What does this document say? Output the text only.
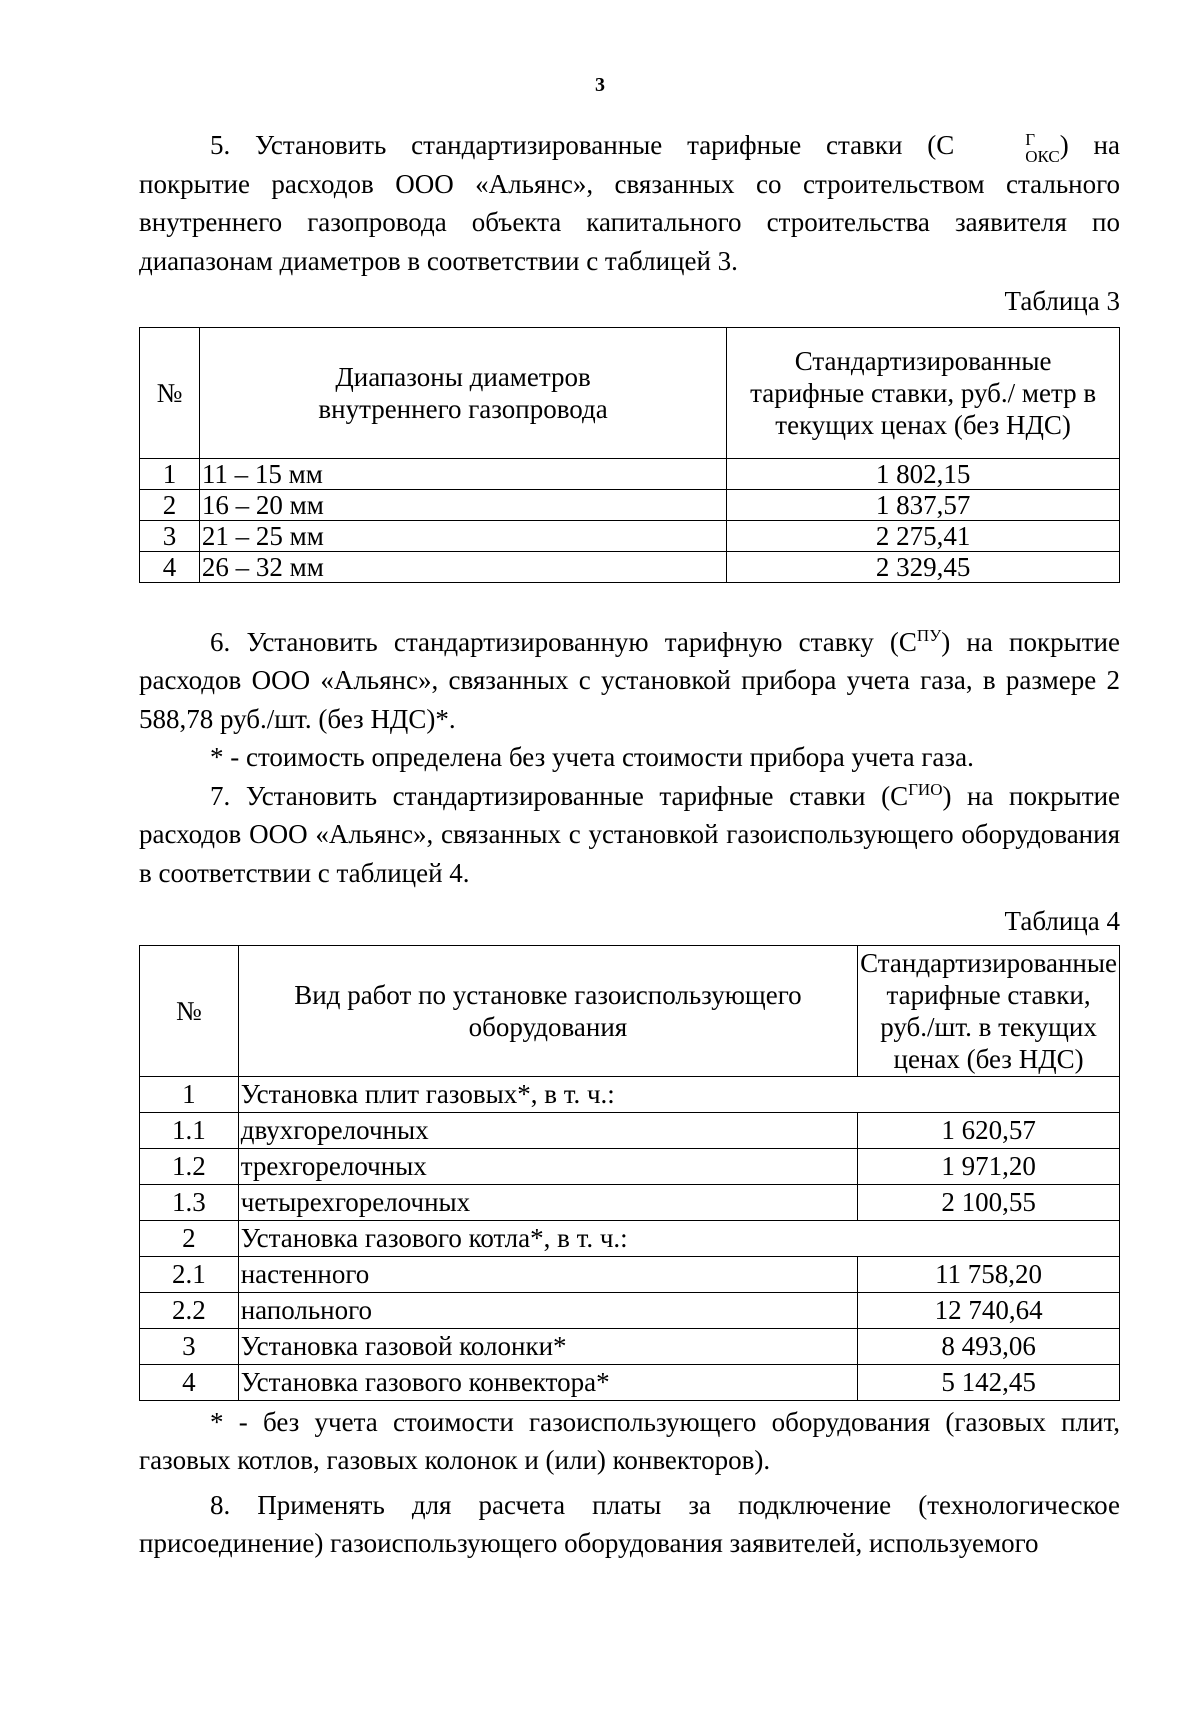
3

5. Установить стандартизированные тарифные ставки (С	Г
ОКС ) на покрытие расходов ООО «Альянс», связанных со строительством стального внутреннего газопровода объекта капитального строительства заявителя по диапазонам диаметров в соответствии с таблицей 3.

Таблица 3

№	Диапазоны диаметров внутреннего газопровода	Стандартизированные тарифные ставки, руб./ метр в текущих ценах (без НДС)
1	11 – 15 мм	1 802,15
2	16 – 20 мм	1 837,57
3	21 – 25 мм	2 275,41
4	26 – 32 мм	2 329,45

6. Установить стандартизированную тарифную ставку $(С^{ПУ})$ на покрытие расходов ООО «Альянс», связанных с установкой прибора учета газа, в размере 2 588,78 руб./шт. (без НДС)*.

* - стоимость определена без учета стоимости прибора учета газа.

7. Установить стандартизированные тарифные ставки $(С^{ГИО})$ на покрытие расходов ООО «Альянс», связанных с установкой газоиспользующего оборудования в соответствии с таблицей 4.

Таблица 4

№	Вид работ по установке газоиспользующего оборудования	Стандартизированные тарифные ставки, руб./шт. в текущих ценах (без НДС)
1	Установка плит газовых*, в т. ч.:	
1.1	двухгорелочных	1 620,57
1.2	трехгорелочных	1 971,20
1.3	четырехгорелочных	2 100,55
2	Установка газового котла*, в т. ч.:	
2.1	настенного	11 758,20
2.2	напольного	12 740,64
3	Установка газовой колонки*	8 493,06
4	Установка газового конвектора*	5 142,45

* - без учета стоимости газоиспользующего оборудования (газовых плит, газовых котлов, газовых колонок и (или) конвекторов).

8. Применять для расчета платы за подключение (технологическое присоединение) газоиспользующего оборудования заявителей, используемого
